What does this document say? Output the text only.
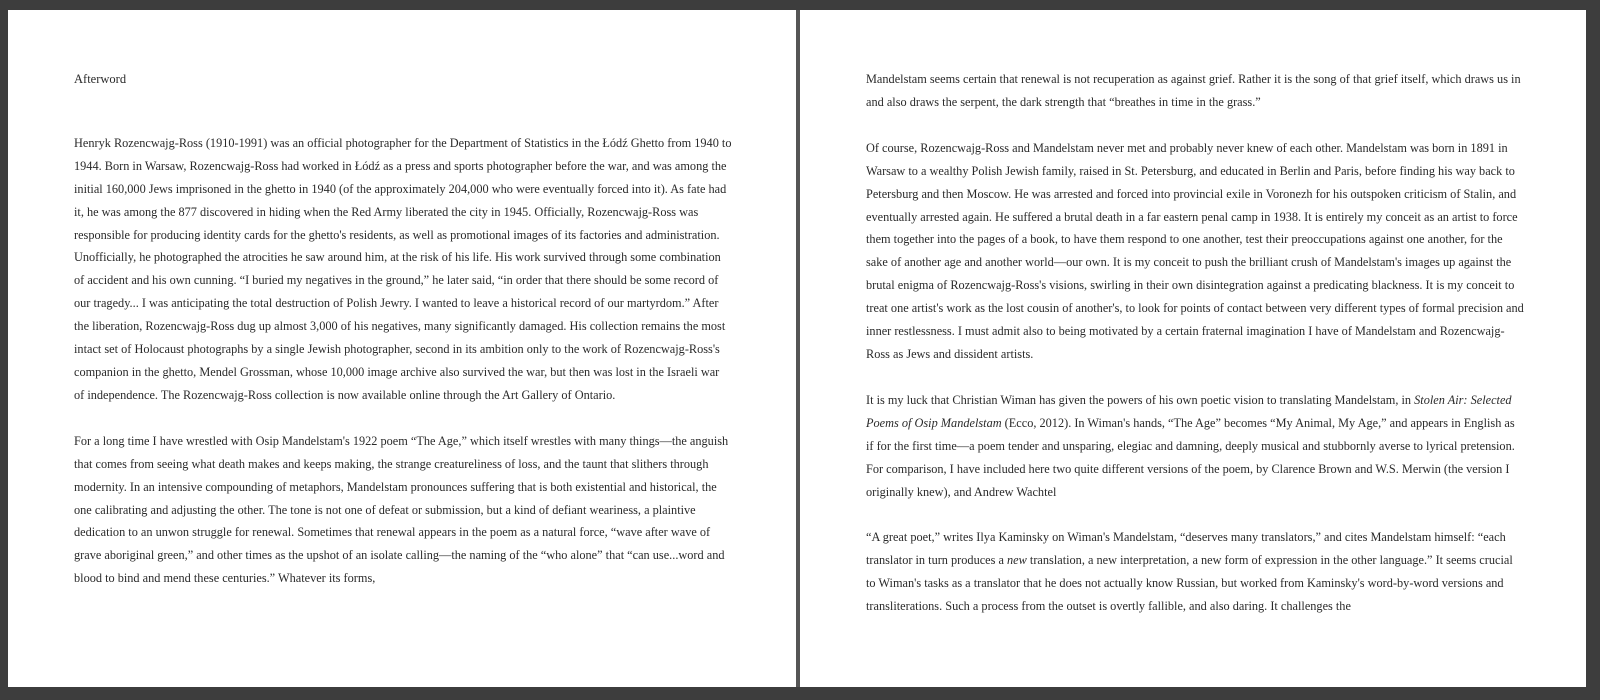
Afterword

Henryk Rozencwajg-Ross (1910-1991) was an official photographer for the Department of Statistics in the Łódź Ghetto from 1940 to 1944. Born in Warsaw, Rozencwajg-Ross had worked in Łódź as a press and sports photographer before the war, and was among the initial 160,000 Jews imprisoned in the ghetto in 1940 (of the approximately 204,000 who were eventually forced into it). As fate had it, he was among the 877 discovered in hiding when the Red Army liberated the city in 1945. Officially, Rozencwajg-Ross was responsible for producing identity cards for the ghetto's residents, as well as promotional images of its factories and administration. Unofficially, he photographed the atrocities he saw around him, at the risk of his life. His work survived through some combination of accident and his own cunning. “I buried my negatives in the ground,” he later said, “in order that there should be some record of our tragedy... I was anticipating the total destruction of Polish Jewry. I wanted to leave a historical record of our martyrdom.” After the liberation, Rozencwajg-Ross dug up almost 3,000 of his negatives, many significantly damaged. His collection remains the most intact set of Holocaust photographs by a single Jewish photographer, second in its ambition only to the work of Rozencwajg-Ross's companion in the ghetto, Mendel Grossman, whose 10,000 image archive also survived the war, but then was lost in the Israeli war of independence. The Rozencwajg-Ross collection is now available online through the Art Gallery of Ontario.

For a long time I have wrestled with Osip Mandelstam's 1922 poem “The Age,” which itself wrestles with many things—the anguish that comes from seeing what death makes and keeps making, the strange creatureliness of loss, and the taunt that slithers through modernity. In an intensive compounding of metaphors, Mandelstam pronounces suffering that is both existential and historical, the one calibrating and adjusting the other. The tone is not one of defeat or submission, but a kind of defiant weariness, a plaintive dedication to an unwon struggle for renewal. Sometimes that renewal appears in the poem as a natural force, “wave after wave of grave aboriginal green,” and other times as the upshot of an isolate calling—the naming of the “who alone” that “can use...word and blood to bind and mend these centuries.” Whatever its forms,

Mandelstam seems certain that renewal is not recuperation as against grief. Rather it is the song of that grief itself, which draws us in and also draws the serpent, the dark strength that “breathes in time in the grass.”

Of course, Rozencwajg-Ross and Mandelstam never met and probably never knew of each other. Mandelstam was born in 1891 in Warsaw to a wealthy Polish Jewish family, raised in St. Petersburg, and educated in Berlin and Paris, before finding his way back to Petersburg and then Moscow. He was arrested and forced into provincial exile in Voronezh for his outspoken criticism of Stalin, and eventually arrested again. He suffered a brutal death in a far eastern penal camp in 1938. It is entirely my conceit as an artist to force them together into the pages of a book, to have them respond to one another, test their preoccupations against one another, for the sake of another age and another world—our own. It is my conceit to push the brilliant crush of Mandelstam's images up against the brutal enigma of Rozencwajg-Ross's visions, swirling in their own disintegration against a predicating blackness. It is my conceit to treat one artist's work as the lost cousin of another's, to look for points of contact between very different types of formal precision and inner restlessness. I must admit also to being motivated by a certain fraternal imagination I have of Mandelstam and Rozencwajg-Ross as Jews and dissident artists.

It is my luck that Christian Wiman has given the powers of his own poetic vision to translating Mandelstam, in Stolen Air: Selected Poems of Osip Mandelstam (Ecco, 2012). In Wiman's hands, “The Age” becomes “My Animal, My Age,” and appears in English as if for the first time—a poem tender and unsparing, elegiac and damning, deeply musical and stubbornly averse to lyrical pretension. For comparison, I have included here two quite different versions of the poem, by Clarence Brown and W.S. Merwin (the version I originally knew), and Andrew Wachtel

“A great poet,” writes Ilya Kaminsky on Wiman's Mandelstam, “deserves many translators,” and cites Mandelstam himself: “each translator in turn produces a new translation, a new interpretation, a new form of expression in the other language.” It seems crucial to Wiman's tasks as a translator that he does not actually know Russian, but worked from Kaminsky's word-by-word versions and transliterations. Such a process from the outset is overtly fallible, and also daring. It challenges the
